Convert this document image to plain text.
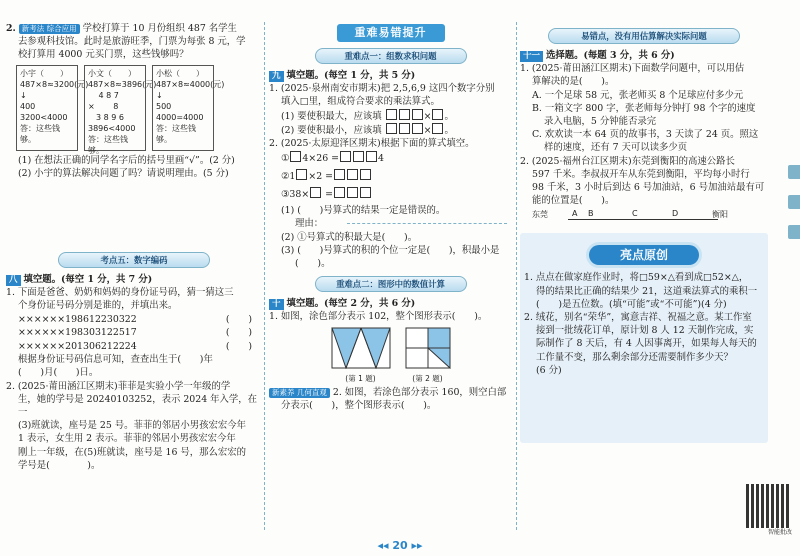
2. 新考法 综合应用 学校打算于 10 月份组织 487 名学生

去参观科技馆。此时是旅游旺季，门票为每张 8 元，学

校打算用 4000 元买门票，这些钱够吗？

小宇（　　）
487×8≈3200(元)
↓
400
3200<4000
答：这些钱够。
小文（　　）
487×8≈3896(元)
　 4 8 7
×　　 8
　3 8 9 6
3896<4000
答：这些钱够。
小松（　　）
487×8≈4000(元)
↓
500
4000=4000
答：这些钱够。

(1) 在想法正确的同学名字后的括号里画“√”。(2 分)

(2) 小宇的算法解决问题了吗？请说明理由。(5 分)

考点五：数字编码

八 填空题。(每空 1 分，共 7 分)

1. 下面是爸爸、奶奶和妈妈的身份证号码，猜一猜这三

个身份证号码分别是谁的，并填出来。

××××××198612230322	(　　)
××××××198303122517	(　　)
××××××201306212224	(　　)

根据身份证号码信息可知，查查出生于(　　)年

(　　)月(　　)日。

2. (2025·莆田涵江区期末)菲菲是实验小学一年级的学

生，她的学号是 20240103252，表示 2024 年入学，在一

(3)班就读，座号是 25 号。菲菲的邻居小男孩宏宏今年

1 表示，女生用 2 表示。菲菲的邻居小男孩宏宏今年

刚上一年级，在(5)班就读，座号是 16 号，那么宏宏的

学号是(　　　　)。

重难易错提升
重难点一：组数求积问题

九 填空题。(每空 1 分，共 5 分)

1. (2025·泉州南安市期末)把 2,5,6,9 这四个数字分别

填入□里，组成符合要求的乘法算式。

(1) 要使积最大，应该填	× 。

(2) 要使积最小，应该填	× 。

2. (2025·太原迎泽区期末)根据下面的算式填空。

① 4×26 =	4

②1 ×2 =

③38× =

(1) (　　)号算式的结果一定是错误的。

理由：

(2) ①号算式的积最大是(　　)。

(3) (　　)号算式的积的个位一定是(　　)，积最小是

(　　)。

重难点二：图形中的数值计算

十 填空题。(每空 2 分，共 6 分)

1. 如图，涂色部分表示 102，整个图形表示(　　)。

(第 1 题)	(第 2 题)

新素养 几何直观 2. 如图，若涂色部分表示 160，则空白部

分表示(　　)，整个图形表示(　　)。

易错点，没有用估算解决实际问题

十一 选择题。(每题 3 分，共 6 分)

1. (2025·莆田涵江区期末)下面数学问题中，可以用估

算解决的是(　　)。

A. 一个足球 58 元，张老师买 8 个足球应付多少元

B. 一箱文字 800 字，张老师每分钟打 98 个字的速度

录入电脑，5 分钟能否录完

C. 欢欢读一本 64 页的故事书，3 天读了 24 页。照这

样的速度，还有 7 天可以读多少页

2. (2025·福州台江区期末)东莞到衡阳的高速公路长

597 千米。李叔叔开车从东莞到衡阳，平均每小时行

98 千米，3 小时后到达 6 号加油站，6 号加油站最有可

能的位置是(　　)。

东莞	A B	C	D	衡阳
亮点原创

1. 点点在做家庭作业时，将□59×△看到成□52×△，

得的结果比正确的结果少 21，这道乘法算式的乘积一

(　　)是五位数。(填“可能”或“不可能”)(4 分)

2. 绒花，别名“荣华”，寓意吉祥、祝福之意。某工作室

接到一批绒花订单，原计划 8 人 12 天制作完成，实

际制作了 8 天后，有 4 人因事离开，如果每人每天的

工作量不变，那么剩余部分还需要制作多少天？

(6 分)

智能批改
◂◂ 20 ▸▸
